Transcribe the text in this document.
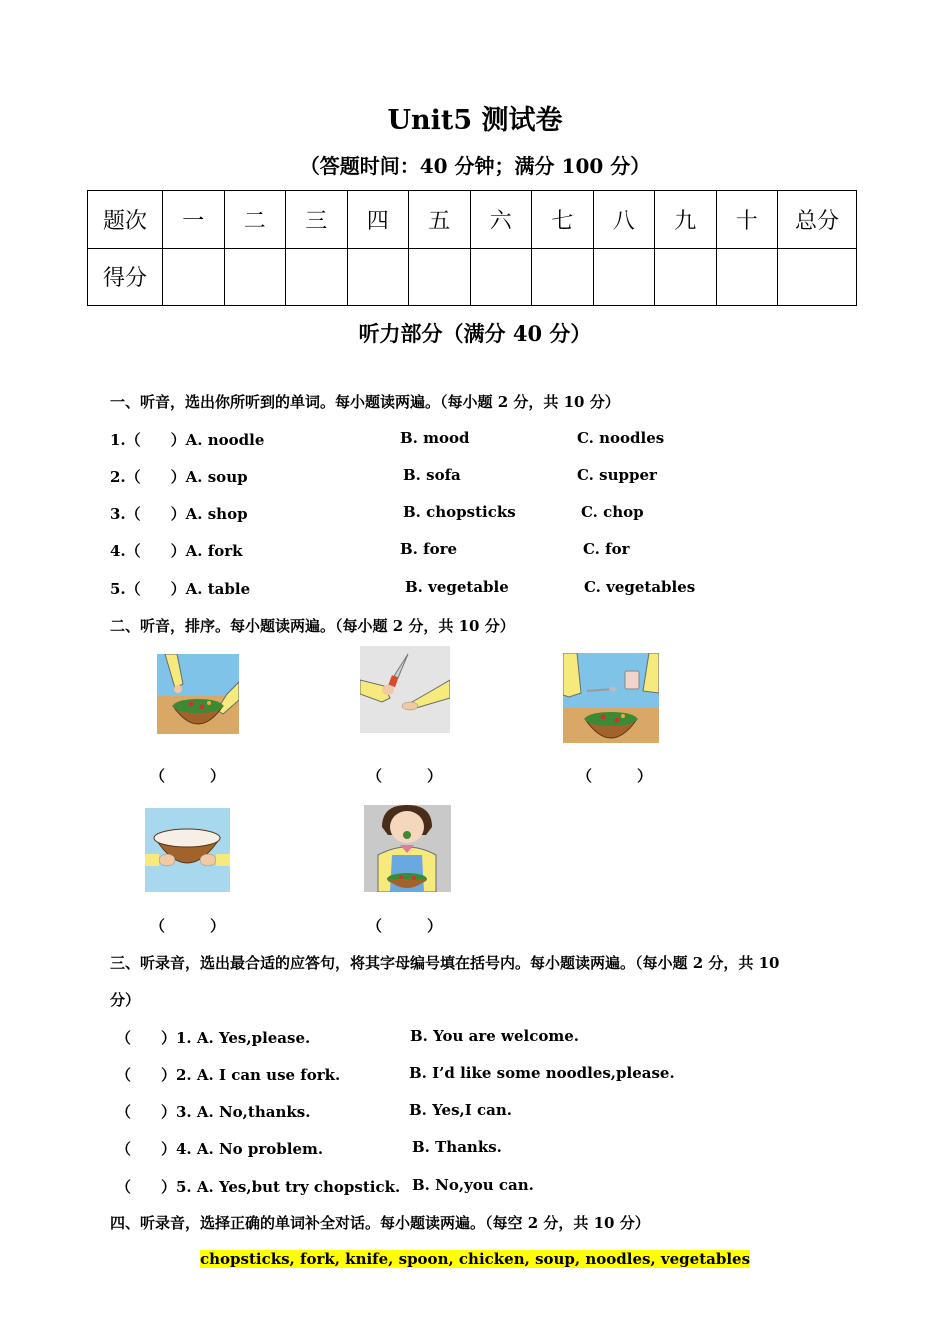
Unit5 测试卷
（答题时间：40 分钟；满分 100 分）
题次	一	二	三	四	五	六	七	八	九	十	总分
得分											
听力部分（满分 40 分）
一、听音，选出你所听到的单词。每小题读两遍。（每小题 2 分，共 10 分）
1.（　　）A. noodle	B. mood	C. noodles
2.（　　）A. soup	B. sofa	C. supper
3.（　　）A. shop	B. chopsticks	C. chop
4.（　　）A. fork	B. fore	C. for
5.（　　）A. table	B. vegetable	C. vegetables
二、听音，排序。每小题读两遍。（每小题 2 分，共 10 分）
（　　　）	（　　　）	（　　　）
（　　　）	（　　　）
三、听录音，选出最合适的应答句，将其字母编号填在括号内。每小题读两遍。（每小题 2 分，共 10
分）
（　　）1. A. Yes,please.	B. You are welcome.
（　　）2. A. I can use fork.	B. I’d like some noodles,please.
（　　）3. A. No,thanks.	B. Yes,I can.
（　　）4. A. No problem.	B. Thanks.
（　　）5. A. Yes,but try chopstick. B. No,you can.
四、听录音，选择正确的单词补全对话。每小题读两遍。（每空 2 分，共 10 分）
chopsticks, fork, knife, spoon, chicken, soup, noodles, vegetables
